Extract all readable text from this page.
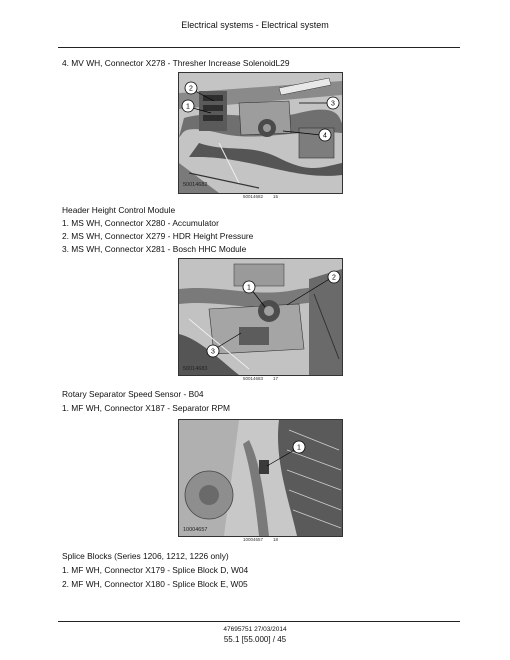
Electrical systems - Electrical system
4. MV WH, Connector X278 - Thresher Increase SolenoidL29
2
1	3
4
50014682
50014682 15
Header Height Control Module
1. MS WH, Connector X280 - Accumulator
2. MS WH, Connector X279 - HDR Height Pressure
3. MS WH, Connector X281 - Bosch HHC Module
1
2
3
50014683
50014683 17
Rotary Separator Speed Sensor - B04
1. MF WH, Connector X187 - Separator RPM
1
10004657
10004657 18
Splice Blocks (Series 1206, 1212, 1226 only)
1. MF WH, Connector X179 - Splice Block D, W04
2. MF WH, Connector X180 - Splice Block E, W05
47695751 27/03/2014
55.1 [55.000] / 45
